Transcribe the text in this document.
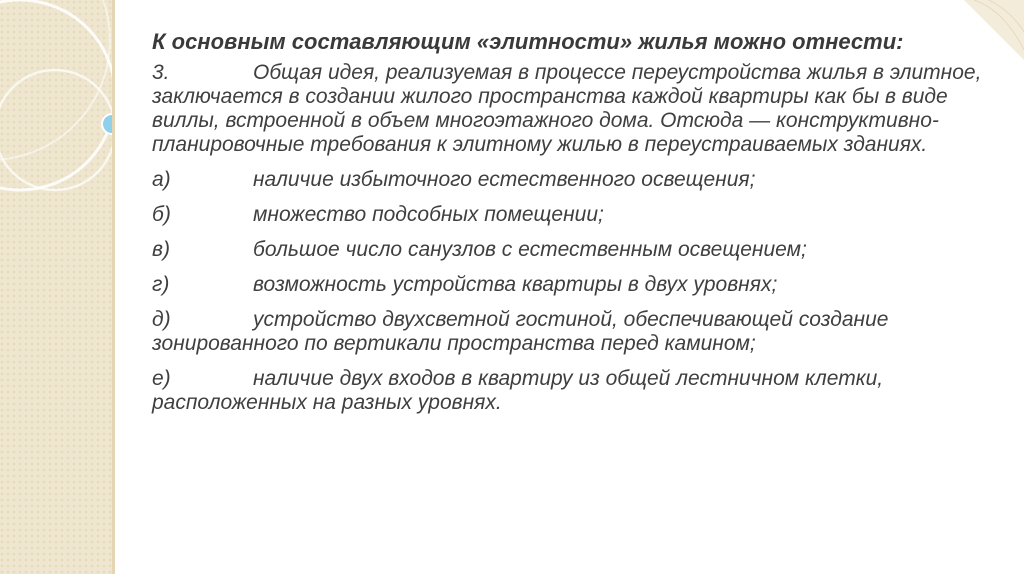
К основным составляющим «элитности» жилья можно отнести:

3.	Общая идея, реализуемая в процессе переустройства жилья в элитное, заключается в создании жилого пространства каждой квартиры как бы в виде виллы, встроенной в объем многоэтажного дома. Отсюда — конструктивно-планировочные требования к элитному жилью в переустраиваемых зданиях.

а)	наличие избыточного естественного освещения;

б)	множество подсобных помещении;

в)	большое число санузлов с естественным освещением;

г)	возможность устройства квартиры в двух уровнях;

д)	устройство двухсветной гостиной, обеспечивающей создание зонированного по вертикали пространства перед камином;

е)	наличие двух входов в квартиру из общей лестничном клетки, расположенных на разных уровнях.
